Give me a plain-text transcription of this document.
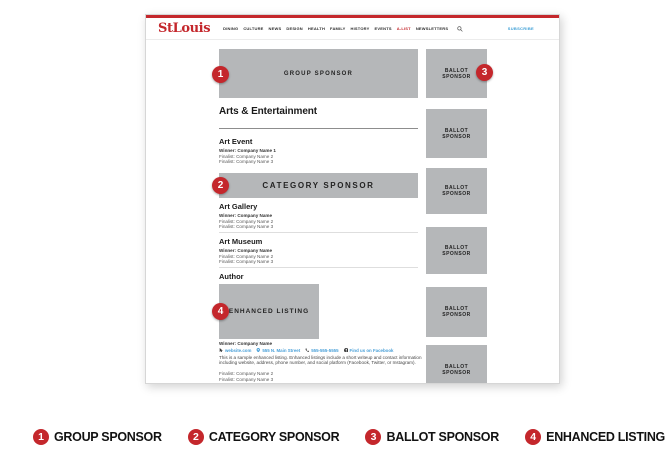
StLouis	DINING CULTURE NEWS DESIGN HEALTH FAMILY HISTORY EVENTS A-LIST NEWSLETTERS	SUBSCRIBE
GROUP SPONSOR
CATEGORY SPONSOR
ENHANCED LISTING
BALLOT SPONSOR
BALLOT SPONSOR
BALLOT SPONSOR
BALLOT SPONSOR
BALLOT SPONSOR
BALLOT SPONSOR
1
2
3
4
Arts & Entertainment
Art Event
Winner: Company Name 1
Finalist: Company Name 2
Finalist: Company Name 3
Art Gallery
Winner: Company Name
Finalist: Company Name 2
Finalist: Company Name 3
Art Museum
Winner: Company Name
Finalist: Company Name 2
Finalist: Company Name 3
Author
Winner: Company Name
website.com	555 N. Main Street	555-555-5555	Find us on Facebook
This is a sample enhanced listing. Enhanced listings include a short writeup and contact information including website, address, phone number, and social platform (Facebook, Twitter, or Instagram).
Finalist: Company Name 2
Finalist: Company Name 3
1 GROUP SPONSOR	2 CATEGORY SPONSOR	3 BALLOT SPONSOR	4 ENHANCED LISTING
